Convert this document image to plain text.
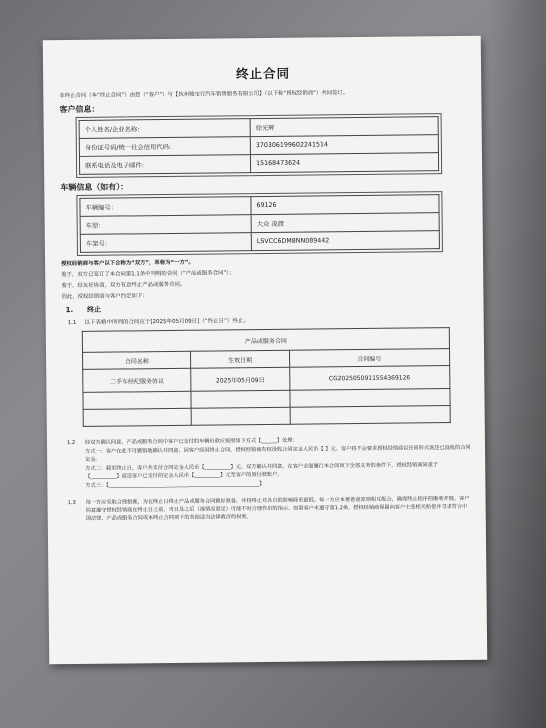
终止合同
本终止合同（本“终止合同”）由您（“客户”）与【杭州骏宝行汽车销售服务有限公司】（以下称“授权经销商”）共同签订。
客户信息：
个人姓名/企业名称:	徐光辉
身份证号码/统一社会信用代码:	370306199602241514
联系电话及电子邮件:	15168473624
车辆信息（如有）：
车辆编号：	69126
车型：	大众 凌渡
车架号：	LSVCC6DM8NN089442
授权经销商与客户以下合称为“双方”，单称为“一方”。
鉴于，双方已签订了本合同第1.1条中列明的合同（“产品或服务合同”）；
鉴于，经友好协商，双方有意终止产品或服务合同。
因此，授权经销商与客户约定如下：
1. 终止
1.1 以下表格中所列的合同应于[2025年05月09日]（“终止日”）终止。
产品或服务合同		
合同名称	生效日期	合同编号
二手车经纪服务协议	2025年05月09日	CG20250509115543691​26

1.2	经双方确认同意，产品或服务合同中客户已支付的车辆价款应按照如下方式【______】处理：
方式一：客户在此不可撤销地确认并同意，因客户原因终止合同，授权经销商有权没收合同定金人民币【 】元。客户将不会要求授权经销商以任何形式返还已没收的合同定金。
方式二：截至终止日，客户共支付合同定金人民币【__________】元。双方确认并同意，在客户全面履行本合同项下全部义务的条件下，授权经销商同意于【__________】返还客户已支付的定金人民币【__________】元至客户的原付款账户。
方式三：【__________________________________________________________】
1.3	每一方应采取合理措施，为在终止日终止产品或服务合同做好准备，并将终止对各自的影响降至最低。每一方应本着善意原则相互配合，确保终止程序的顺利开展。客户同意遵守授权经销商在终止日之前、当日及之后（视情况而定）可能不时合理作出的指示。如果客户未遵守第1.2条，授权经销商保留向客户主张相关赔偿并寻求符合中国法律、产品或服务合同或本终止合同项下的其他适当法律救济的权利。
